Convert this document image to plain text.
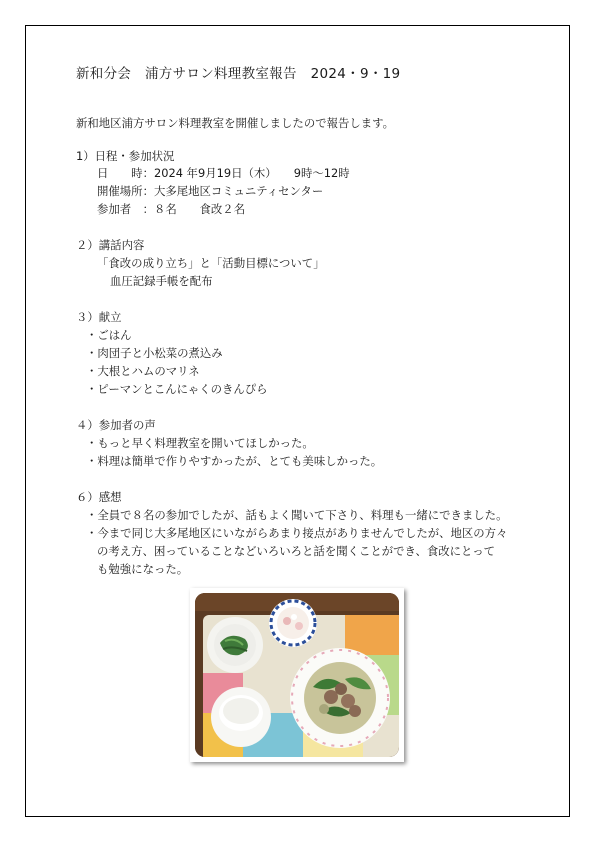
新和分会　浦方サロン料理教室報告　2024・9・19
新和地区浦方サロン料理教室を開催しましたので報告します。
1）日程・参加状況
日　　時：2024 年9月19日（木）　　9時～12時
開催場所：大多尾地区コミュニティセンター
参加者　：８名　　食改２名
２）講話内容
「食改の成り立ち」と「活動目標について」
血圧記録手帳を配布
３）献立
・ごはん
・肉団子と小松菜の煮込み
・大根とハムのマリネ
・ピーマンとこんにゃくのきんぴら
４）参加者の声
・もっと早く料理教室を開いてほしかった。
・料理は簡単で作りやすかったが、とても美味しかった。
６）感想
・全員で８名の参加でしたが、話もよく聞いて下さり、料理も一緒にできました。
・今まで同じ大多尾地区にいながらあまり接点がありませんでしたが、地区の方々
の考え方、困っていることなどいろいろと話を聞くことができ、食改にとって
も勉強になった。
